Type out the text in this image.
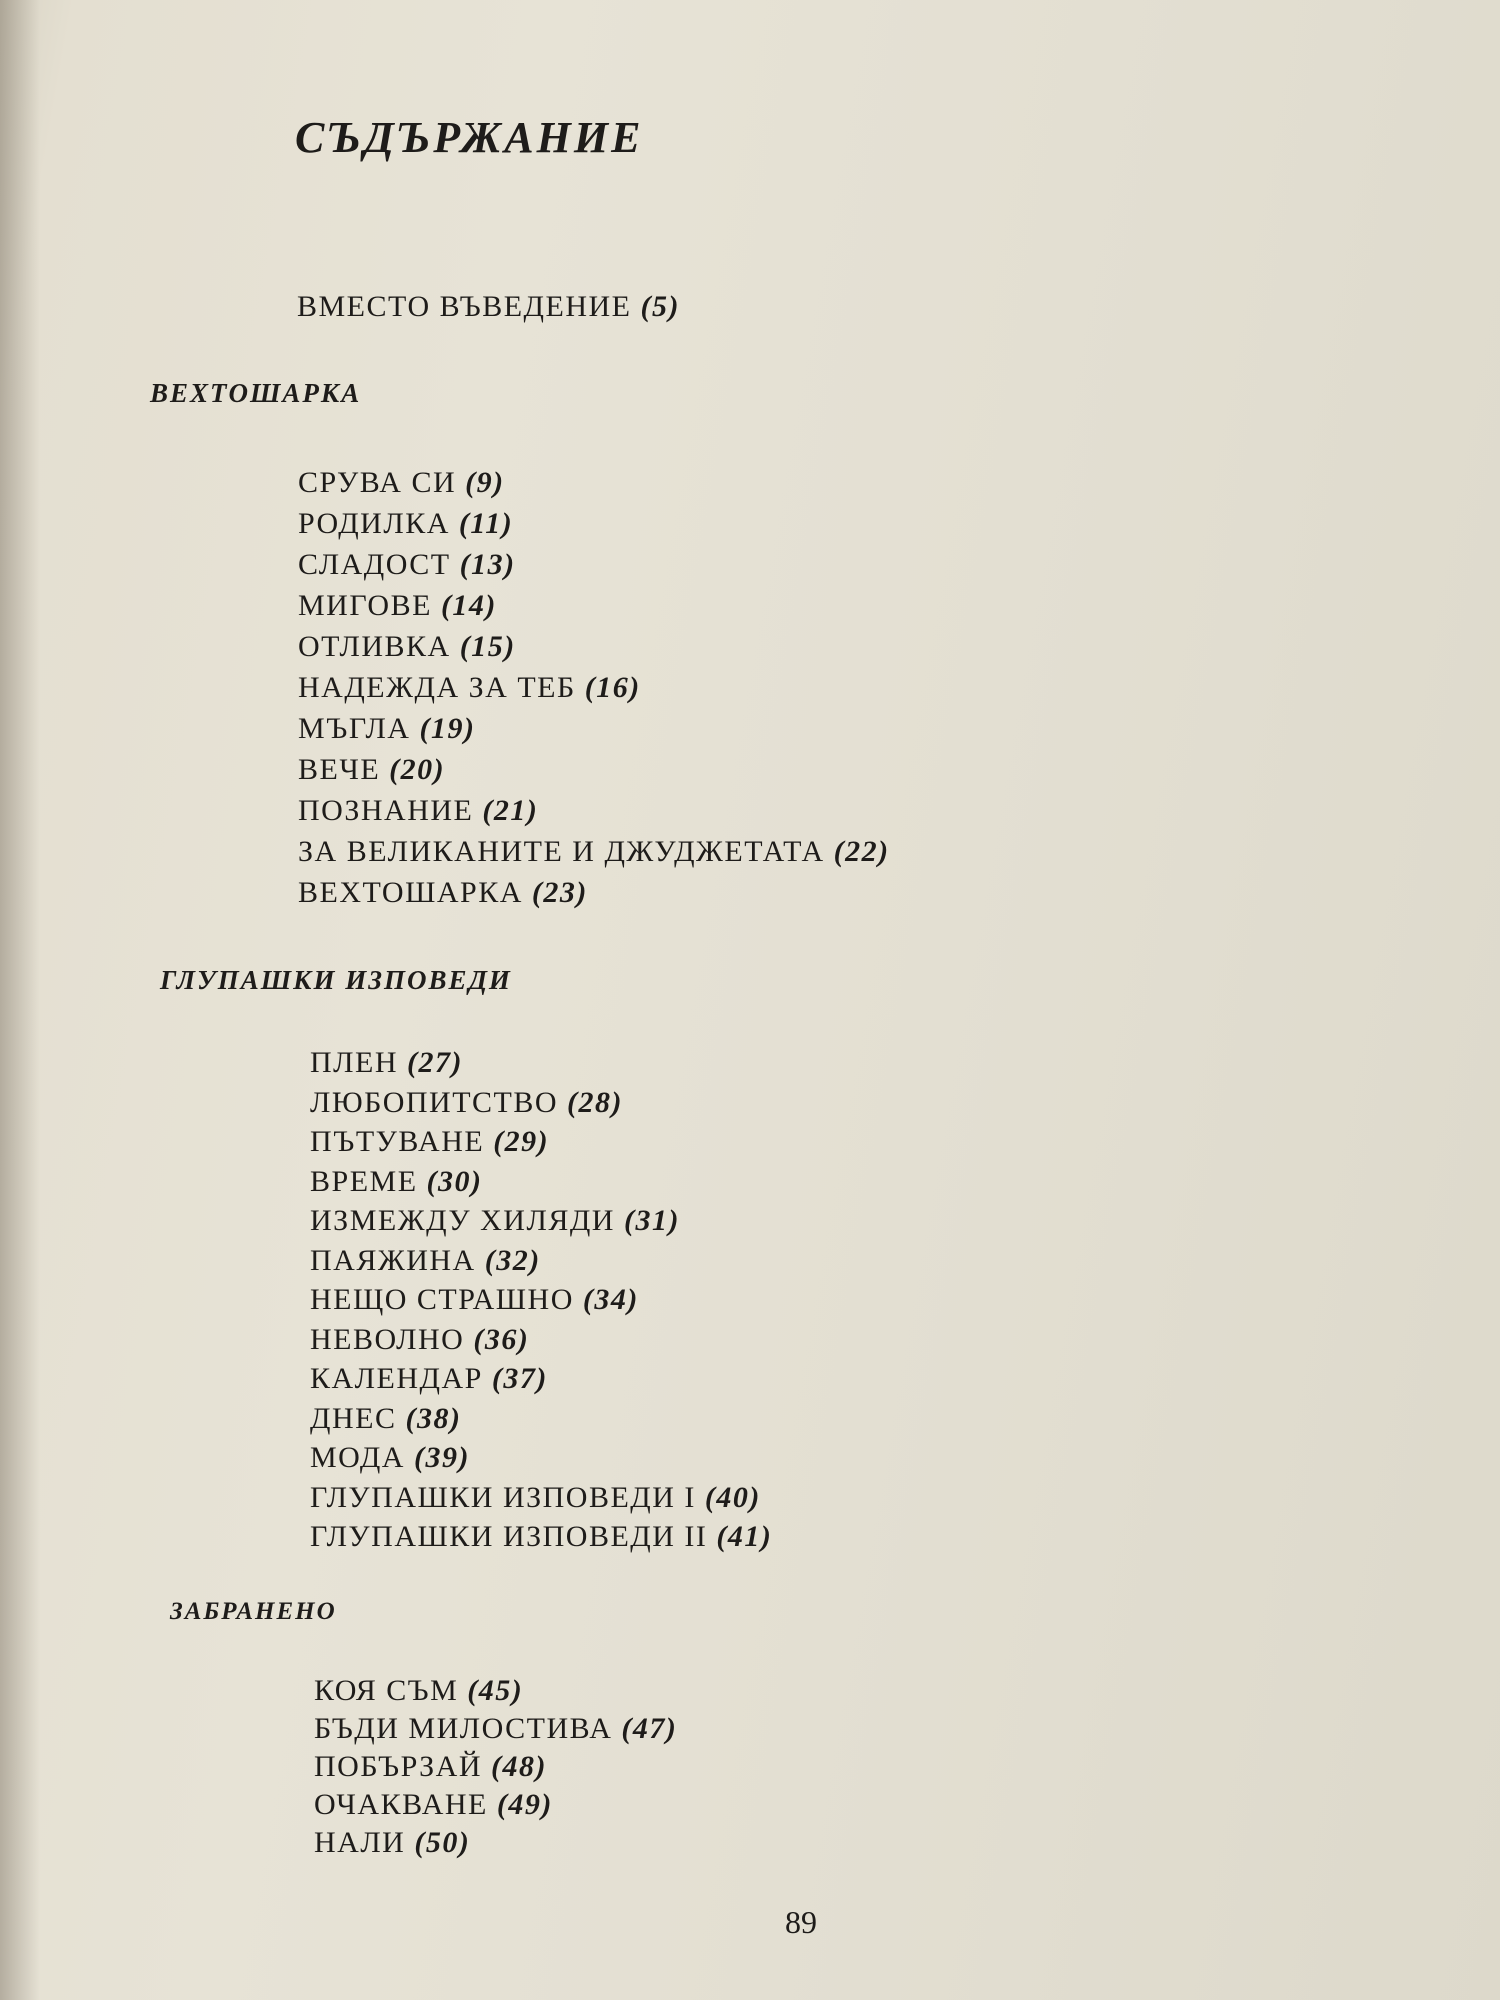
СЪДЪРЖАНИЕ
ВМЕСТО ВЪВЕДЕНИЕ (5)
ВЕХТОШАРКА
СРУВА СИ (9)
РОДИЛКА (11)
СЛАДОСТ (13)
МИГОВЕ (14)
ОТЛИВКА (15)
НАДЕЖДА ЗА ТЕБ (16)
МЪГЛА (19)
ВЕЧЕ (20)
ПОЗНАНИЕ (21)
ЗА ВЕЛИКАНИТЕ И ДЖУДЖЕТАТА (22)
ВЕХТОШАРКА (23)
ГЛУПАШКИ ИЗПОВЕДИ
ПЛЕН (27)
ЛЮБОПИТСТВО (28)
ПЪТУВАНЕ (29)
ВРЕМЕ (30)
ИЗМЕЖДУ ХИЛЯДИ (31)
ПАЯЖИНА (32)
НЕЩО СТРАШНО (34)
НЕВОЛНО (36)
КАЛЕНДАР (37)
ДНЕС (38)
МОДА (39)
ГЛУПАШКИ ИЗПОВЕДИ I (40)
ГЛУПАШКИ ИЗПОВЕДИ II (41)
ЗАБРАНЕНО
КОЯ СЪМ (45)
БЪДИ МИЛОСТИВА (47)
ПОБЪРЗАЙ (48)
ОЧАКВАНЕ (49)
НАЛИ (50)
89
